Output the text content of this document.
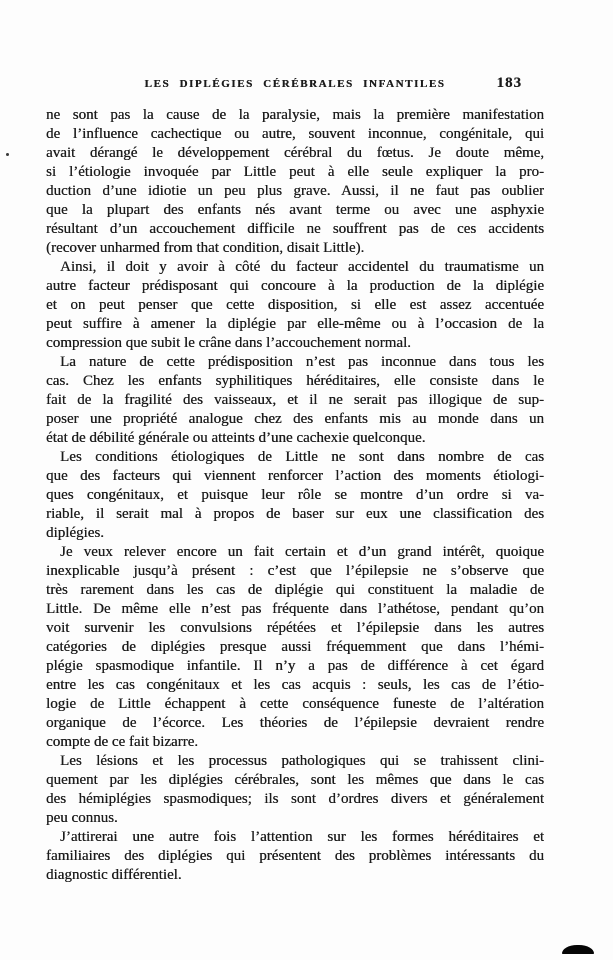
LES DIPLÉGIES CÉRÉBRALES INFANTILES	183
ne sont pas la cause de la paralysie, mais la première manifestation
de l’influence cachectique ou autre, souvent inconnue, congénitale, qui
avait dérangé le développement cérébral du fœtus. Je doute même,
si l’étiologie invoquée par Little peut à elle seule expliquer la pro-
duction d’une idiotie un peu plus grave. Aussi, il ne faut pas oublier
que la plupart des enfants nés avant terme ou avec une asphyxie
résultant d’un accouchement difficile ne souffrent pas de ces accidents
(recover unharmed from that condition, disait Little).
Ainsi, il doit y avoir à côté du facteur accidentel du traumatisme un
autre facteur prédisposant qui concoure à la production de la diplégie
et on peut penser que cette disposition, si elle est assez accentuée
peut suffire à amener la diplégie par elle-même ou à l’occasion de la
compression que subit le crâne dans l’accouchement normal.
La nature de cette prédisposition n’est pas inconnue dans tous les
cas. Chez les enfants syphilitiques héréditaires, elle consiste dans le
fait de la fragilité des vaisseaux, et il ne serait pas illogique de sup-
poser une propriété analogue chez des enfants mis au monde dans un
état de débilité générale ou atteints d’une cachexie quelconque.
Les conditions étiologiques de Little ne sont dans nombre de cas
que des facteurs qui viennent renforcer l’action des moments étiologi-
ques congénitaux, et puisque leur rôle se montre d’un ordre si va-
riable, il serait mal à propos de baser sur eux une classification des
diplégies.
Je veux relever encore un fait certain et d’un grand intérêt, quoique
inexplicable jusqu’à présent : c’est que l’épilepsie ne s’observe que
très rarement dans les cas de diplégie qui constituent la maladie de
Little. De même elle n’est pas fréquente dans l’athétose, pendant qu’on
voit survenir les convulsions répétées et l’épilepsie dans les autres
catégories de diplégies presque aussi fréquemment que dans l’hémi-
plégie spasmodique infantile. Il n’y a pas de différence à cet égard
entre les cas congénitaux et les cas acquis : seuls, les cas de l’étio-
logie de Little échappent à cette conséquence funeste de l’altération
organique de l’écorce. Les théories de l’épilepsie devraient rendre
compte de ce fait bizarre.
Les lésions et les processus pathologiques qui se trahissent clini-
quement par les diplégies cérébrales, sont les mêmes que dans le cas
des hémiplégies spasmodiques; ils sont d’ordres divers et généralement
peu connus.
J’attirerai une autre fois l’attention sur les formes héréditaires et
familiaires des diplégies qui présentent des problèmes intéressants du
diagnostic différentiel.
